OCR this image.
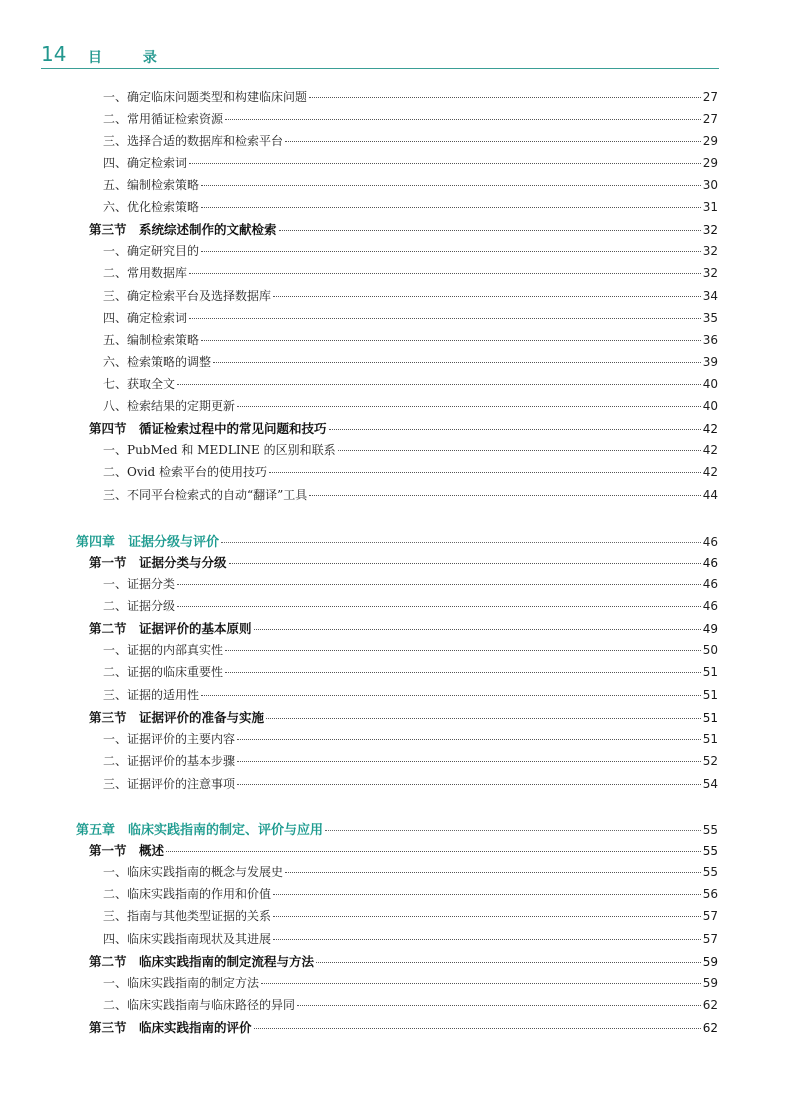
14 目 录
一、确定临床问题类型和构建临床问题	27
二、常用循证检索资源	27
三、选择合适的数据库和检索平台	29
四、确定检索词	29
五、编制检索策略	30
六、优化检索策略	31
第三节　系统综述制作的文献检索	32
一、确定研究目的	32
二、常用数据库	32
三、确定检索平台及选择数据库	34
四、确定检索词	35
五、编制检索策略	36
六、检索策略的调整	39
七、获取全文	40
八、检索结果的定期更新	40
第四节　循证检索过程中的常见问题和技巧	42
一、PubMed 和 MEDLINE 的区别和联系	42
二、Ovid 检索平台的使用技巧	42
三、不同平台检索式的自动“翻译”工具	44
第四章　证据分级与评价	46
第一节　证据分类与分级	46
一、证据分类	46
二、证据分级	46
第二节　证据评价的基本原则	49
一、证据的内部真实性	50
二、证据的临床重要性	51
三、证据的适用性	51
第三节　证据评价的准备与实施	51
一、证据评价的主要内容	51
二、证据评价的基本步骤	52
三、证据评价的注意事项	54
第五章　临床实践指南的制定、评价与应用	55
第一节　概述	55
一、临床实践指南的概念与发展史	55
二、临床实践指南的作用和价值	56
三、指南与其他类型证据的关系	57
四、临床实践指南现状及其进展	57
第二节　临床实践指南的制定流程与方法	59
一、临床实践指南的制定方法	59
二、临床实践指南与临床路径的异同	62
第三节　临床实践指南的评价	62
